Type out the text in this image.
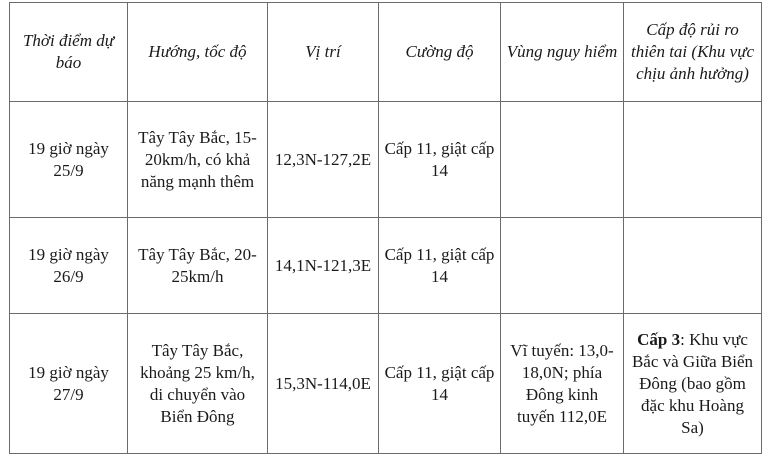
Thời điểm dự báo	Hướng, tốc độ	Vị trí	Cường độ	Vùng nguy hiểm	Cấp độ rủi ro thiên tai (Khu vực chịu ảnh hưởng)
19 giờ ngày 25/9	Tây Tây Bắc, 15-20km/h, có khả năng mạnh thêm	12,3N-127,2E	Cấp 11, giật cấp 14		
19 giờ ngày 26/9	Tây Tây Bắc, 20-25km/h	14,1N-121,3E	Cấp 11, giật cấp 14		
19 giờ ngày 27/9	Tây Tây Bắc, khoảng 25 km/h, di chuyển vào Biển Đông	15,3N-114,0E	Cấp 11, giật cấp 14	Vĩ tuyến: 13,0-18,0N; phía Đông kinh tuyến 112,0E	Cấp 3: Khu vực Bắc và Giữa Biển Đông (bao gồm đặc khu Hoàng Sa)
